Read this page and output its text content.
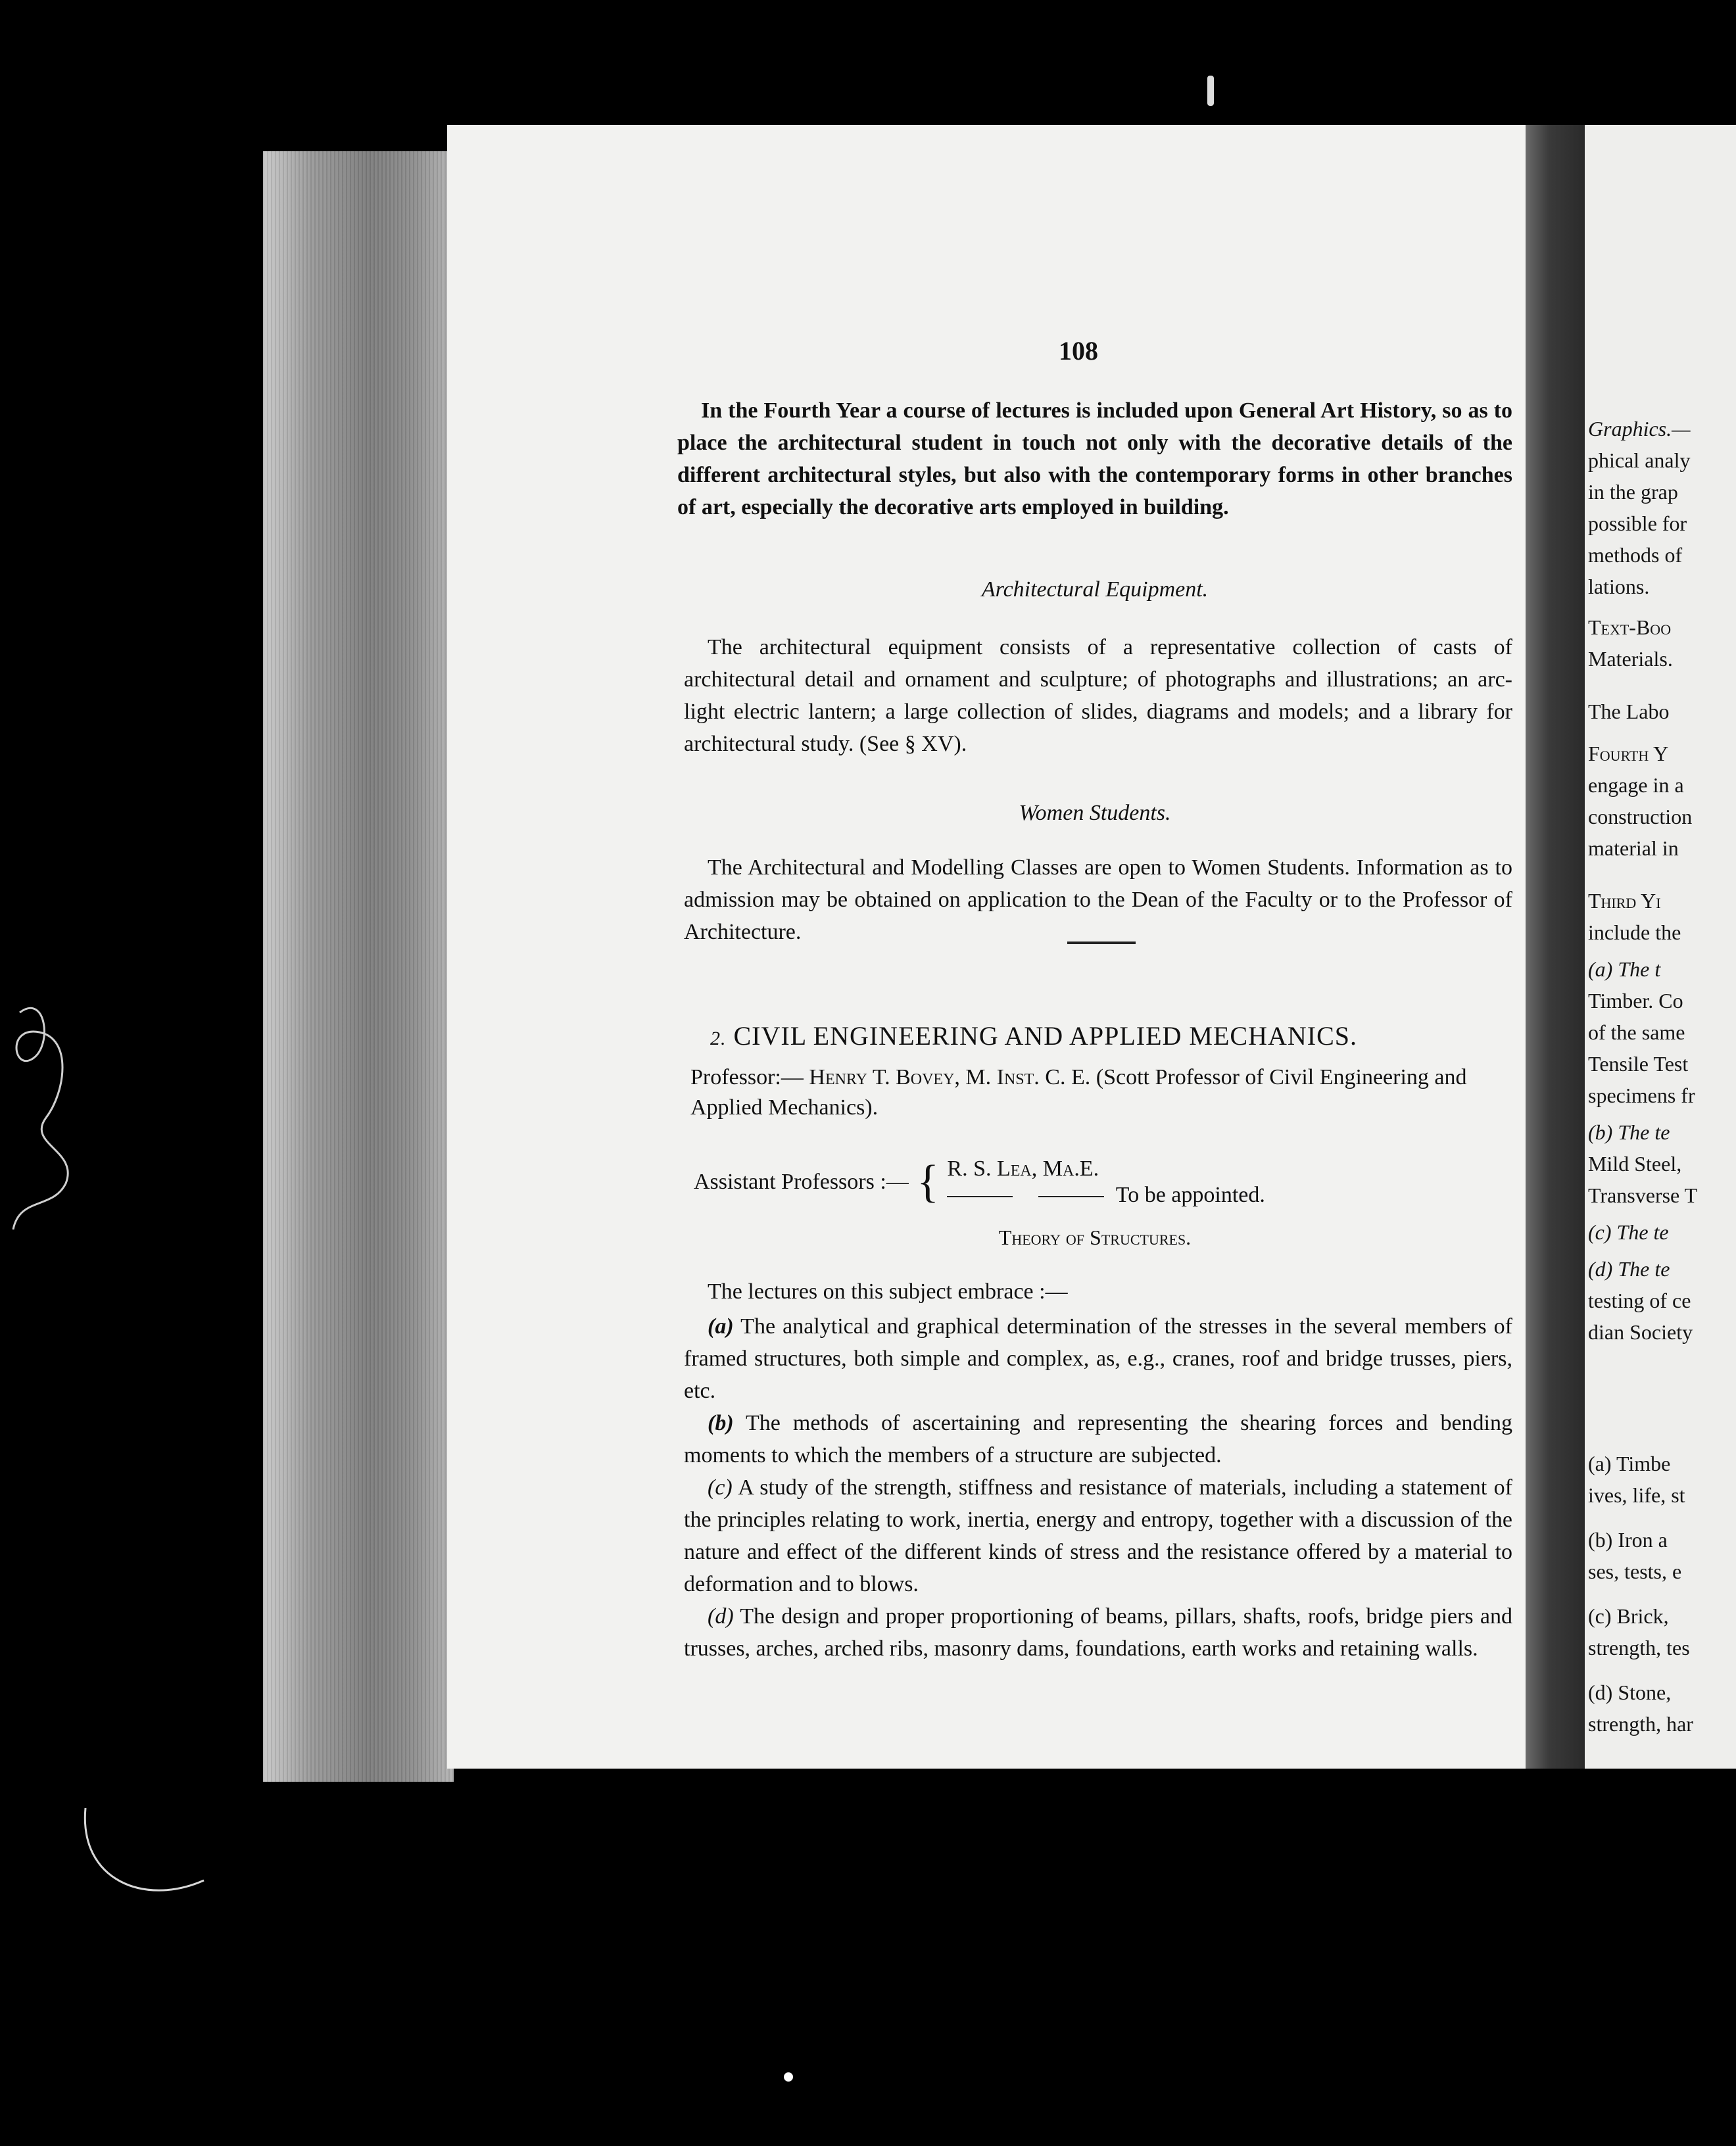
108
In the Fourth Year a course of lectures is included upon General Art History, so as to place the architectural student in touch not only with the decorative details of the different architectural styles, but also with the contemporary forms in other branches of art, especially the decorative arts employed in building.
Architectural Equipment.

The architectural equipment consists of a representative collection of casts of architectural detail and ornament and sculpture; of photographs and illustrations; an arc-light electric lantern; a large collection of slides, diagrams and models; and a library for architectural study. (See § XV).

Women Students.

The Architectural and Modelling Classes are open to Women Students. Information as to admission may be obtained on application to the Dean of the Faculty or to the Professor of Architecture.

2. CIVIL ENGINEERING AND APPLIED MECHANICS.
Professor:— Henry T. Bovey, M. Inst. C. E. (Scott Professor of Civil Engineering and Applied Mechanics).
Assistant Professors :— { R. S. Lea, Ma.E.
To be appointed.
Theory of Structures.

The lectures on this subject embrace :—

(a) The analytical and graphical determination of the stresses in the several members of framed structures, both simple and complex, as, e.g., cranes, roof and bridge trusses, piers, etc.

(b) The methods of ascertaining and representing the shearing forces and bending moments to which the members of a structure are subjected.

(c) A study of the strength, stiffness and resistance of materials, including a statement of the principles relating to work, inertia, energy and entropy, together with a discussion of the nature and effect of the different kinds of stress and the resistance offered by a material to deformation and to blows.

(d) The design and proper proportioning of beams, pillars, shafts, roofs, bridge piers and trusses, arches, arched ribs, masonry dams, foundations, earth works and retaining walls.

Graphics.—
phical analy
in the grap
possible for
methods of
lations.
Text-Boo
Materials.
The Labo
Fourth Y
engage in a
construction
material in
Third Yi
include the
(a) The t
Timber. Co
of the same
Tensile Test
specimens fr
(b) The te
Mild Steel,
Transverse T
(c) The te
(d) The te
testing of ce
dian Society
(a) Timbe
ives, life, st
(b) Iron a
ses, tests, e
(c) Brick,
strength, tes
(d) Stone,
strength, har
